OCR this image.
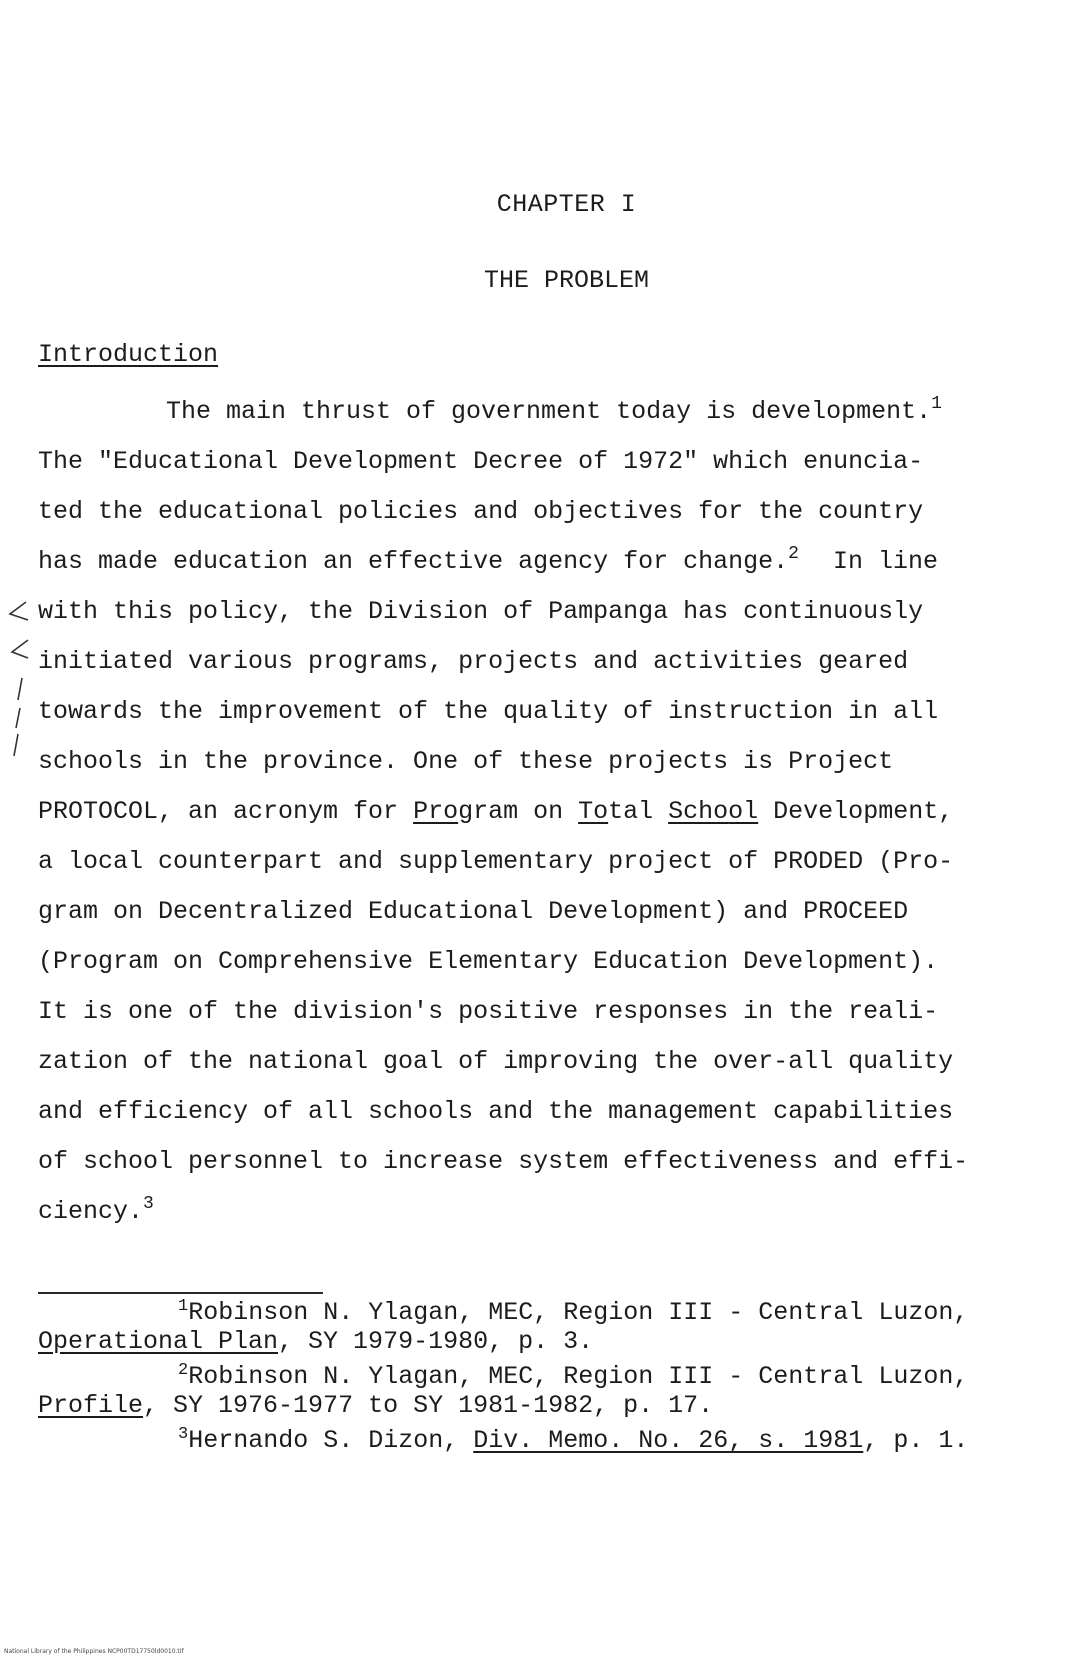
CHAPTER I
THE PROBLEM
Introduction
The main thrust of government today is development.$^1$
The "Educational Development Decree of 1972" which enuncia-
ted the educational policies and objectives for the country
has made education an effective agency for change.$^2$ In line
with this policy, the Division of Pampanga has continuously
initiated various programs, projects and activities geared
towards the improvement of the quality of instruction in all
schools in the province. One of these projects is Project
PROTOCOL, an acronym for Program on Total School Development,
a local counterpart and supplementary project of PRODED (Pro-
gram on Decentralized Educational Development) and PROCEED
(Program on Comprehensive Elementary Education Development).
It is one of the division's positive responses in the reali-
zation of the national goal of improving the over-all quality
and efficiency of all schools and the management capabilities
of school personnel to increase system effectiveness and effi-
ciency.$^3$
$^1$Robinson N. Ylagan, MEC, Region III - Central Luzon,
Operational Plan, SY 1979-1980, p. 3.
$^2$Robinson N. Ylagan, MEC, Region III - Central Luzon,
Profile, SY 1976-1977 to SY 1981-1982, p. 17.
$^3$Hernando S. Dizon, Div. Memo. No. 26, s. 1981, p. 1.
National Library of the Philippines NCP00TD17750ld0010.tif
